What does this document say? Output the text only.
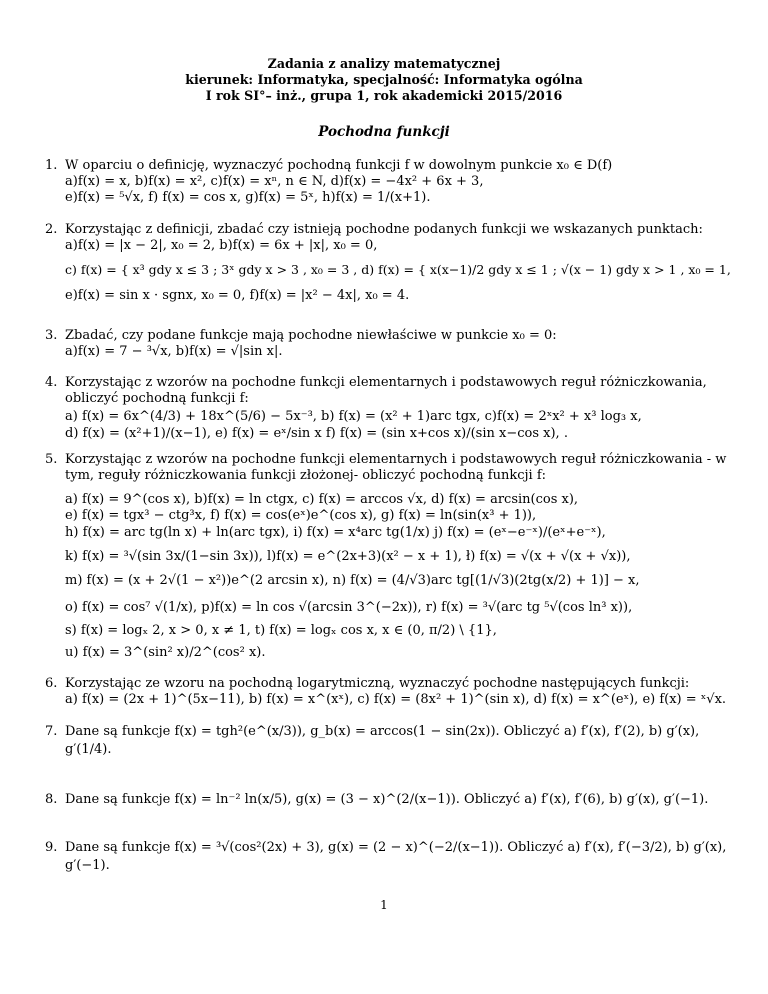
Zadania z analizy matematycznej
kierunek: Informatyka, specjalność: Informatyka ogólna
I rok SI°– inż., grupa 1, rok akademicki 2015/2016
Pochodna funkcji
1. W oparciu o definicję, wyznaczyć pochodną funkcji f w dowolnym punkcie x₀ ∈ D(f)
a)f(x) = x, b)f(x) = x², c)f(x) = xⁿ, n ∈ N, d)f(x) = −4x² + 6x + 3,
e)f(x) = ⁵√x, f) f(x) = cos x, g)f(x) = 5ˣ, h)f(x) = 1/(x+1).
2. Korzystając z definicji, zbadać czy istnieją pochodne podanych funkcji we wskazanych punktach:
a)f(x) = |x − 2|, x₀ = 2, b)f(x) = 6x + |x|, x₀ = 0,
c) f(x) = { x³ gdy x ≤ 3 ; 3ˣ gdy x > 3 , x₀ = 3 , d) f(x) = { x(x−1)/2 gdy x ≤ 1 ; √(x − 1) gdy x > 1 , x₀ = 1,
e)f(x) = sin x · sgnx, x₀ = 0, f)f(x) = |x² − 4x|, x₀ = 4.
3. Zbadać, czy podane funkcje mają pochodne niewłaściwe w punkcie x₀ = 0:
a)f(x) = 7 − ³√x, b)f(x) = √|sin x|.
4. Korzystając z wzorów na pochodne funkcji elementarnych i podstawowych reguł różniczkowania,
obliczyć pochodną funkcji f:
a) f(x) = 6x^(4/3) + 18x^(5/6) − 5x⁻³, b) f(x) = (x² + 1)arc tgx, c)f(x) = 2ˣx² + x³ log₃ x,
d) f(x) = (x²+1)/(x−1), e) f(x) = eˣ/sin x f) f(x) = (sin x+cos x)/(sin x−cos x), .
5. Korzystając z wzorów na pochodne funkcji elementarnych i podstawowych reguł różniczkowania - w
tym, reguły różniczkowania funkcji złożonej- obliczyć pochodną funkcji f:
a) f(x) = 9^(cos x), b)f(x) = ln ctgx, c) f(x) = arccos √x, d) f(x) = arcsin(cos x),
e) f(x) = tgx³ − ctg³x, f) f(x) = cos(eˣ)e^(cos x), g) f(x) = ln(sin(x³ + 1)),
h) f(x) = arc tg(ln x) + ln(arc tgx), i) f(x) = x⁴arc tg(1/x) j) f(x) = (eˣ−e⁻ˣ)/(eˣ+e⁻ˣ),
k) f(x) = ³√(sin 3x/(1−sin 3x)), l)f(x) = e^(2x+3)(x² − x + 1), ł) f(x) = √(x + √(x + √x)),
m) f(x) = (x + 2√(1 − x²))e^(2 arcsin x), n) f(x) = (4/√3)arc tg[(1/√3)(2tg(x/2) + 1)] − x,
o) f(x) = cos⁷ √(1/x), p)f(x) = ln cos √(arcsin 3^(−2x)), r) f(x) = ³√(arc tg ⁵√(cos ln³ x)),
s) f(x) = logₓ 2, x > 0, x ≠ 1, t) f(x) = logₓ cos x, x ∈ (0, π/2) \ {1},
u) f(x) = 3^(sin² x)/2^(cos² x).
6. Korzystając ze wzoru na pochodną logarytmiczną, wyznaczyć pochodne następujących funkcji:
a) f(x) = (2x + 1)^(5x−11), b) f(x) = x^(xˣ), c) f(x) = (8x² + 1)^(sin x), d) f(x) = x^(eˣ), e) f(x) = ˣ√x.
7. Dane są funkcje f(x) = tgh²(e^(x/3)), g_b(x) = arccos(1 − sin(2x)). Obliczyć a) f′(x), f′(2), b) g′(x),
g′(1/4).
8. Dane są funkcje f(x) = ln⁻² ln(x/5), g(x) = (3 − x)^(2/(x−1)). Obliczyć a) f′(x), f′(6), b) g′(x), g′(−1).
9. Dane są funkcje f(x) = ³√(cos²(2x) + 3), g(x) = (2 − x)^(−2/(x−1)). Obliczyć a) f′(x), f′(−3/2), b) g′(x),
g′(−1).
1
